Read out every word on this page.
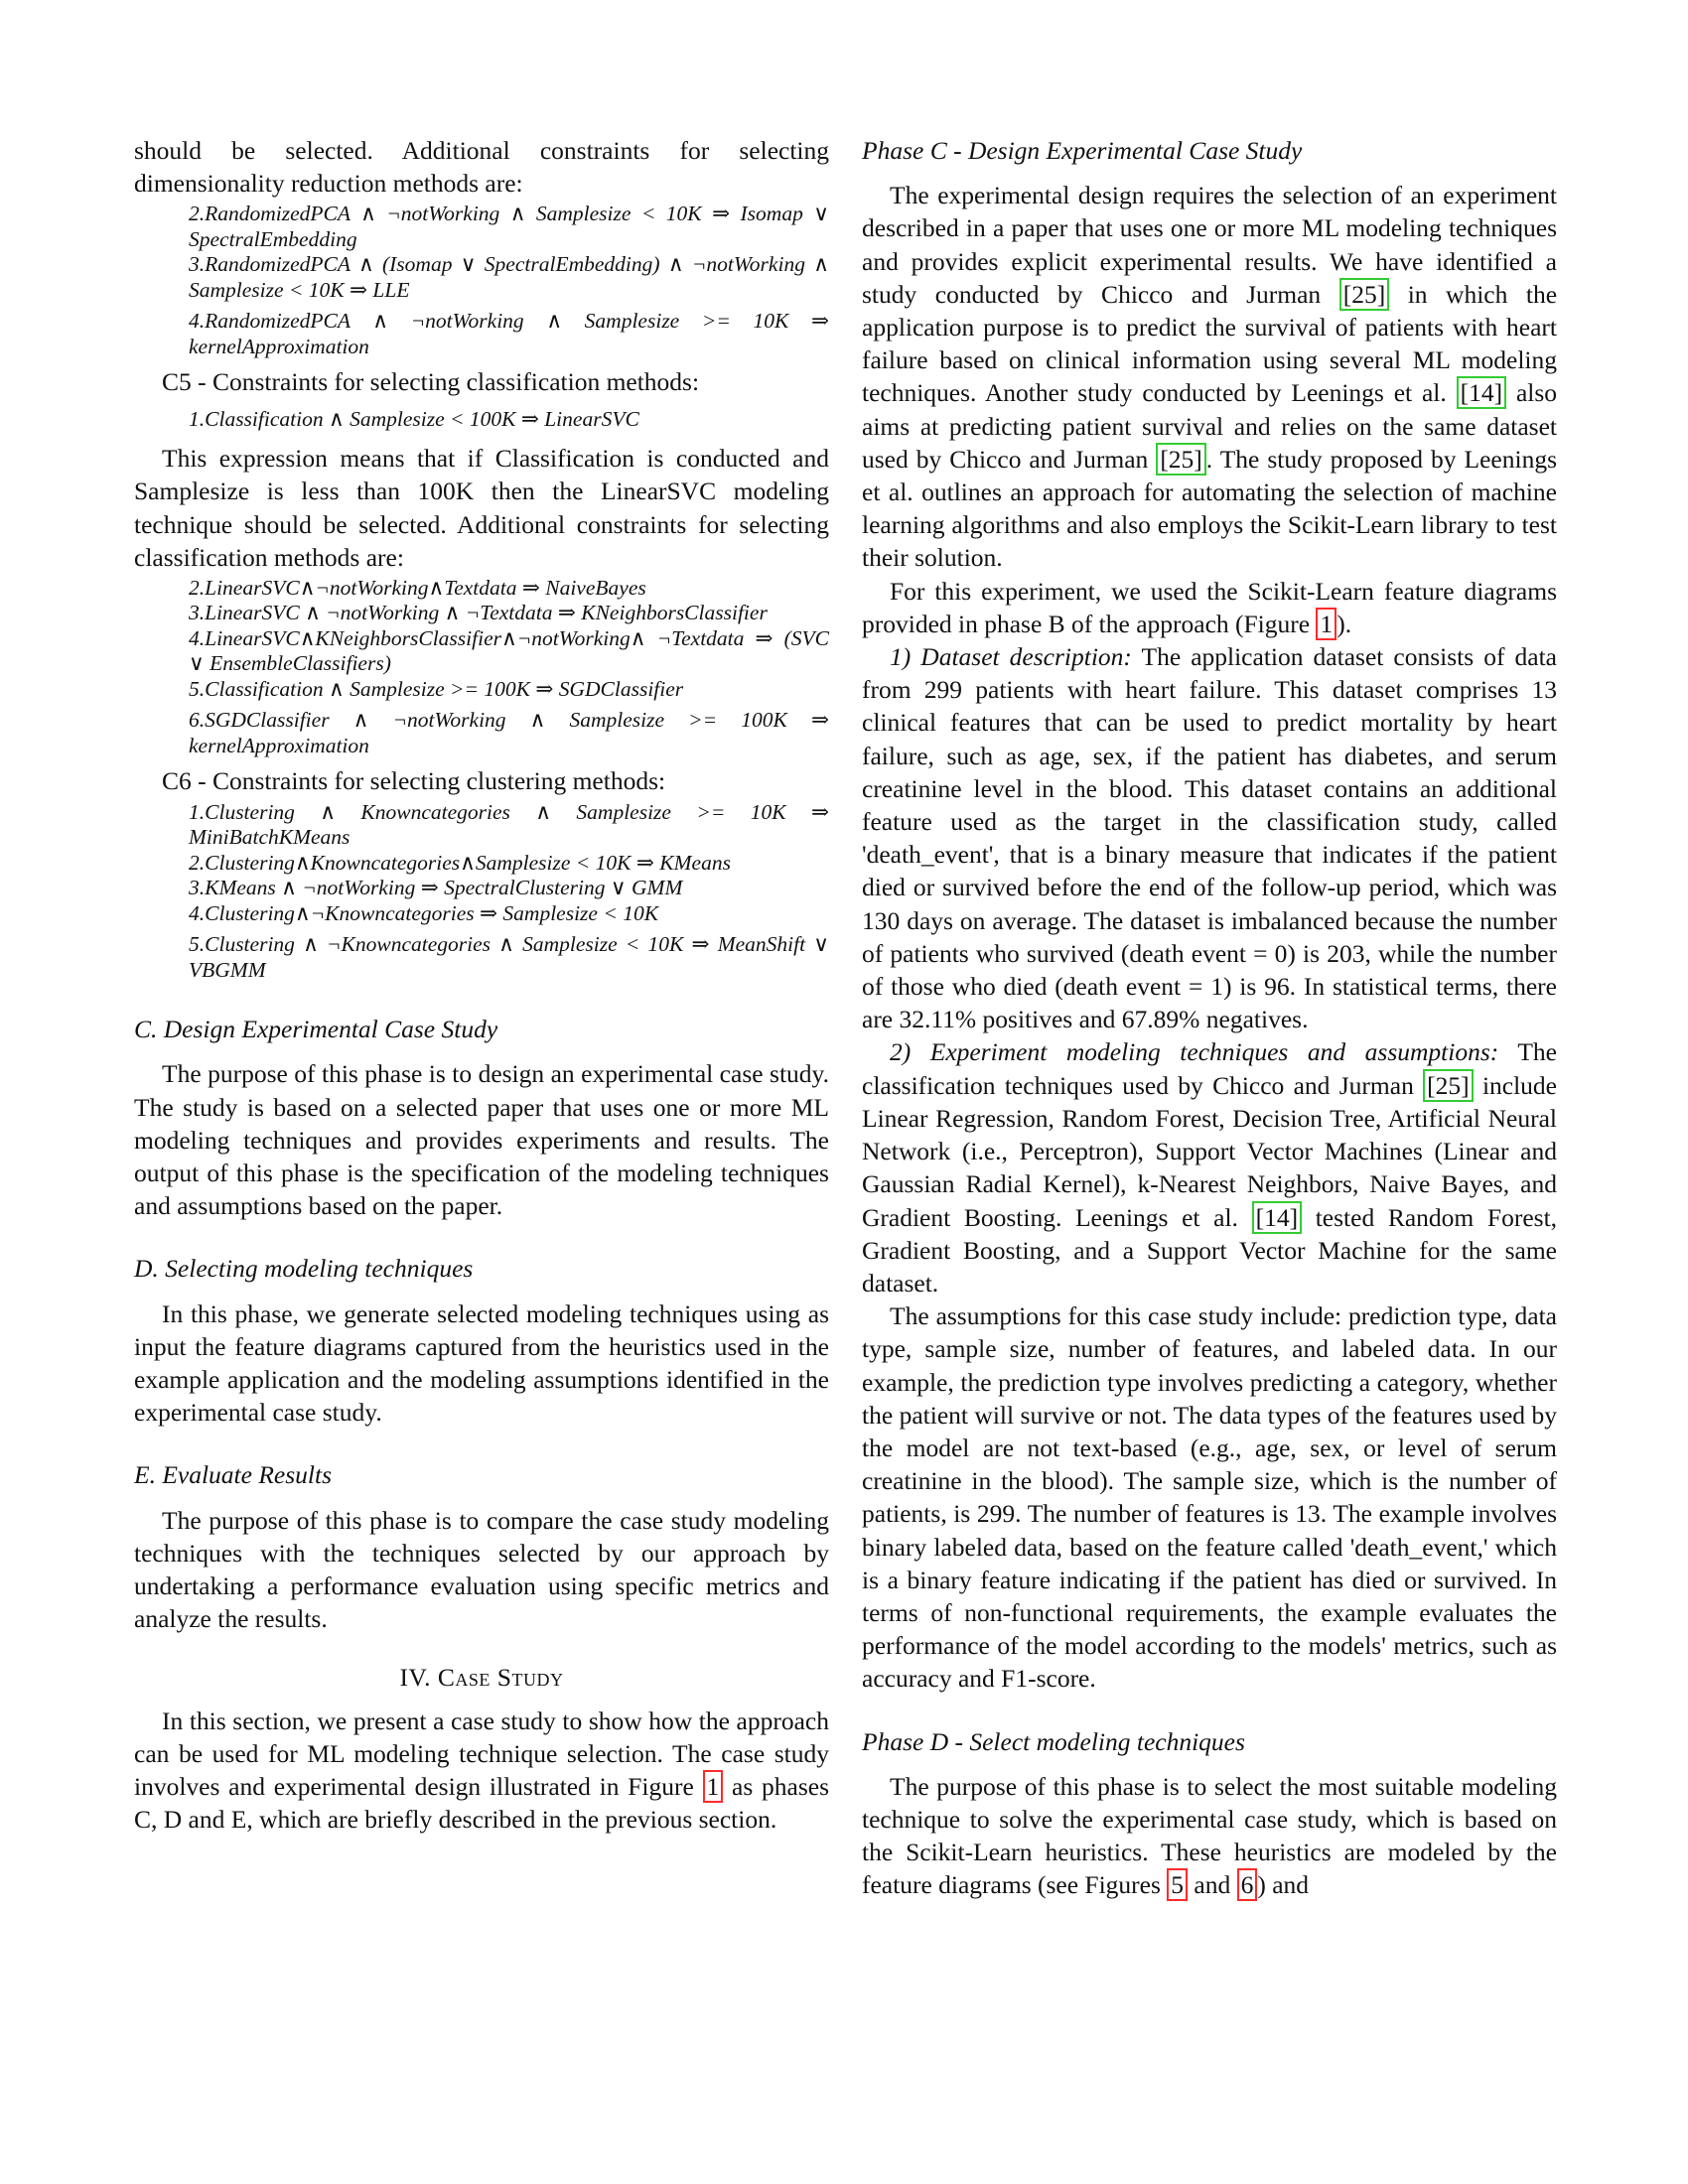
should be selected. Additional constraints for selecting dimensionality reduction methods are:

2.RandomizedPCA ∧ ¬notWorking ∧ Samplesize < 10K ⇒ Isomap ∨ SpectralEmbedding
3.RandomizedPCA ∧ (Isomap ∨ SpectralEmbedding) ∧ ¬notWorking ∧ Samplesize < 10K ⇒ LLE
4.RandomizedPCA ∧ ¬notWorking ∧ Samplesize >= 10K ⇒ kernelApproximation

C5 - Constraints for selecting classification methods:

1.Classification ∧ Samplesize < 100K ⇒ LinearSVC

This expression means that if Classification is conducted and Samplesize is less than 100K then the LinearSVC modeling technique should be selected. Additional constraints for selecting classification methods are:

2.LinearSVC∧¬notWorking∧Textdata ⇒ NaiveBayes
3.LinearSVC ∧ ¬notWorking ∧ ¬Textdata ⇒ KNeighborsClassifier
4.LinearSVC∧KNeighborsClassifier∧¬notWorking∧ ¬Textdata ⇒ (SVC ∨ EnsembleClassifiers)
5.Classification ∧ Samplesize >= 100K ⇒ SGDClassifier
6.SGDClassifier ∧ ¬notWorking ∧ Samplesize >= 100K ⇒ kernelApproximation

C6 - Constraints for selecting clustering methods:

1.Clustering ∧ Knowncategories ∧ Samplesize >= 10K ⇒ MiniBatchKMeans
2.Clustering∧Knowncategories∧Samplesize < 10K ⇒ KMeans
3.KMeans ∧ ¬notWorking ⇒ SpectralClustering ∨ GMM
4.Clustering∧¬Knowncategories ⇒ Samplesize < 10K
5.Clustering ∧ ¬Knowncategories ∧ Samplesize < 10K ⇒ MeanShift ∨ VBGMM

C. Design Experimental Case Study

The purpose of this phase is to design an experimental case study. The study is based on a selected paper that uses one or more ML modeling techniques and provides experiments and results. The output of this phase is the specification of the modeling techniques and assumptions based on the paper.

D. Selecting modeling techniques

In this phase, we generate selected modeling techniques using as input the feature diagrams captured from the heuristics used in the example application and the modeling assumptions identified in the experimental case study.

E. Evaluate Results

The purpose of this phase is to compare the case study modeling techniques with the techniques selected by our approach by undertaking a performance evaluation using specific metrics and analyze the results.

IV. Case Study

In this section, we present a case study to show how the approach can be used for ML modeling technique selection. The case study involves and experimental design illustrated in Figure 1 as phases C, D and E, which are briefly described in the previous section.

Phase C - Design Experimental Case Study

The experimental design requires the selection of an experiment described in a paper that uses one or more ML modeling techniques and provides explicit experimental results. We have identified a study conducted by Chicco and Jurman [25] in which the application purpose is to predict the survival of patients with heart failure based on clinical information using several ML modeling techniques. Another study conducted by Leenings et al. [14] also aims at predicting patient survival and relies on the same dataset used by Chicco and Jurman [25] . The study proposed by Leenings et al. outlines an approach for automating the selection of machine learning algorithms and also employs the Scikit-Learn library to test their solution.

For this experiment, we used the Scikit-Learn feature diagrams provided in phase B of the approach (Figure 1 ).

1) Dataset description: The application dataset consists of data from 299 patients with heart failure. This dataset comprises 13 clinical features that can be used to predict mortality by heart failure, such as age, sex, if the patient has diabetes, and serum creatinine level in the blood. This dataset contains an additional feature used as the target in the classification study, called 'death_event', that is a binary measure that indicates if the patient died or survived before the end of the follow-up period, which was 130 days on average. The dataset is imbalanced because the number of patients who survived (death event = 0) is 203, while the number of those who died (death event = 1) is 96. In statistical terms, there are 32.11% positives and 67.89% negatives.

2) Experiment modeling techniques and assumptions: The classification techniques used by Chicco and Jurman [25] include Linear Regression, Random Forest, Decision Tree, Artificial Neural Network (i.e., Perceptron), Support Vector Machines (Linear and Gaussian Radial Kernel), k-Nearest Neighbors, Naive Bayes, and Gradient Boosting. Leenings et al. [14] tested Random Forest, Gradient Boosting, and a Support Vector Machine for the same dataset.

The assumptions for this case study include: prediction type, data type, sample size, number of features, and labeled data. In our example, the prediction type involves predicting a category, whether the patient will survive or not. The data types of the features used by the model are not text-based (e.g., age, sex, or level of serum creatinine in the blood). The sample size, which is the number of patients, is 299. The number of features is 13. The example involves binary labeled data, based on the feature called 'death_event,' which is a binary feature indicating if the patient has died or survived. In terms of non-functional requirements, the example evaluates the performance of the model according to the models' metrics, such as accuracy and F1-score.

Phase D - Select modeling techniques

The purpose of this phase is to select the most suitable modeling technique to solve the experimental case study, which is based on the Scikit-Learn heuristics. These heuristics are modeled by the feature diagrams (see Figures 5 and 6 ) and
